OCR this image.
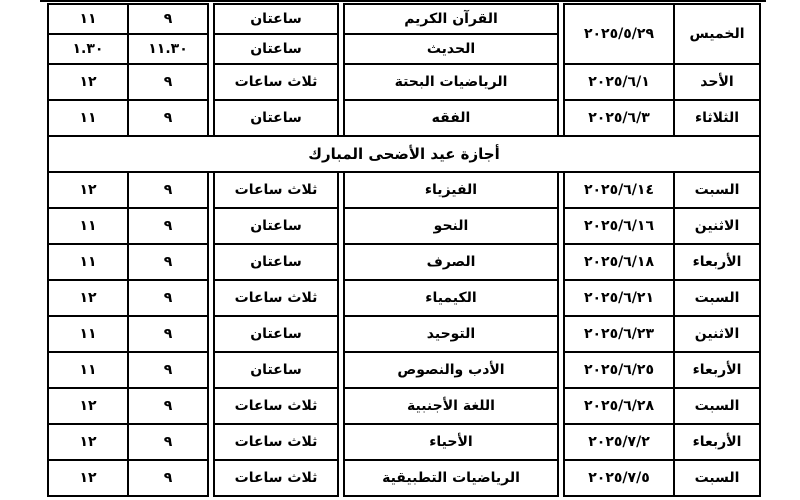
الخميس	٢٠٢٥/٥/٢٩		القرآن الكريم		ساعتان		٩	١١
			الحديث		ساعتان		١١.٣٠	١.٣٠
الأحد	٢٠٢٥/٦/١		الرياضيات البحتة		ثلاث ساعات		٩	١٢
الثلاثاء	٢٠٢٥/٦/٣		الفقه		ساعتان		٩	١١
أجازة عيد الأضحى المبارك								
السبت	٢٠٢٥/٦/١٤		الفيزياء		ثلاث ساعات		٩	١٢
الاثنين	٢٠٢٥/٦/١٦		النحو		ساعتان		٩	١١
الأربعاء	٢٠٢٥/٦/١٨		الصرف		ساعتان		٩	١١
السبت	٢٠٢٥/٦/٢١		الكيمياء		ثلاث ساعات		٩	١٢
الاثنين	٢٠٢٥/٦/٢٣		التوحيد		ساعتان		٩	١١
الأربعاء	٢٠٢٥/٦/٢٥		الأدب والنصوص		ساعتان		٩	١١
السبت	٢٠٢٥/٦/٢٨		اللغة الأجنبية		ثلاث ساعات		٩	١٢
الأربعاء	٢٠٢٥/٧/٢		الأحياء		ثلاث ساعات		٩	١٢
السبت	٢٠٢٥/٧/٥		الرياضيات التطبيقية		ثلاث ساعات		٩	١٢
